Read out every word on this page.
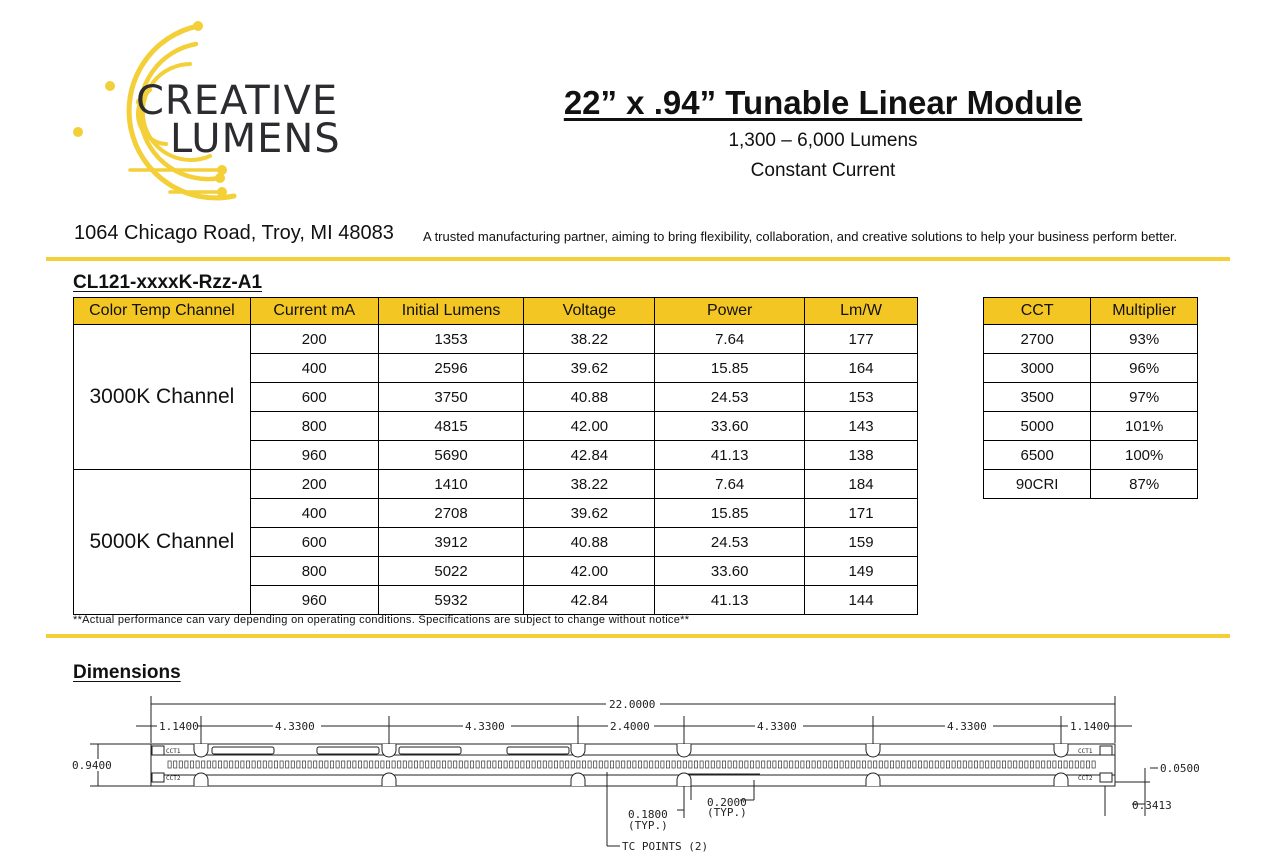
CREATIVE
LUMENS
22” x .94” Tunable Linear Module
1,300 – 6,000 Lumens
Constant Current
1064 Chicago Road, Troy, MI 48083 A trusted manufacturing partner, aiming to bring flexibility, collaboration, and creative solutions to help your business perform better.
CL121-xxxxK-Rzz-A1
Color Temp Channel	Current mA	Initial Lumens	Voltage	Power	Lm/W
3000K Channel	200	1353	38.22	7.64	177
	400	2596	39.62	15.85	164
	600	3750	40.88	24.53	153
	800	4815	42.00	33.60	143
	960	5690	42.84	41.13	138
5000K Channel	200	1410	38.22	7.64	184
	400	2708	39.62	15.85	171
	600	3912	40.88	24.53	159
	800	5022	42.00	33.60	149
	960	5932	42.84	41.13	144
CCT	Multiplier
2700	93%
3000	96%
3500	97%
5000	101%
6500	100%
90CRI	87%
**Actual performance can vary depending on operating conditions. Specifications are subject to change without notice**
Dimensions
CCT1
CCT2
CCT1
CCT2
22.0000
1.1400	4.3300	4.3300	2.4000	4.3300	4.3300	1.1400
0.9400	0.0500
0.3413
0.2000
(TYP.)
0.1800
(TYP.)
TC POINTS (2)
